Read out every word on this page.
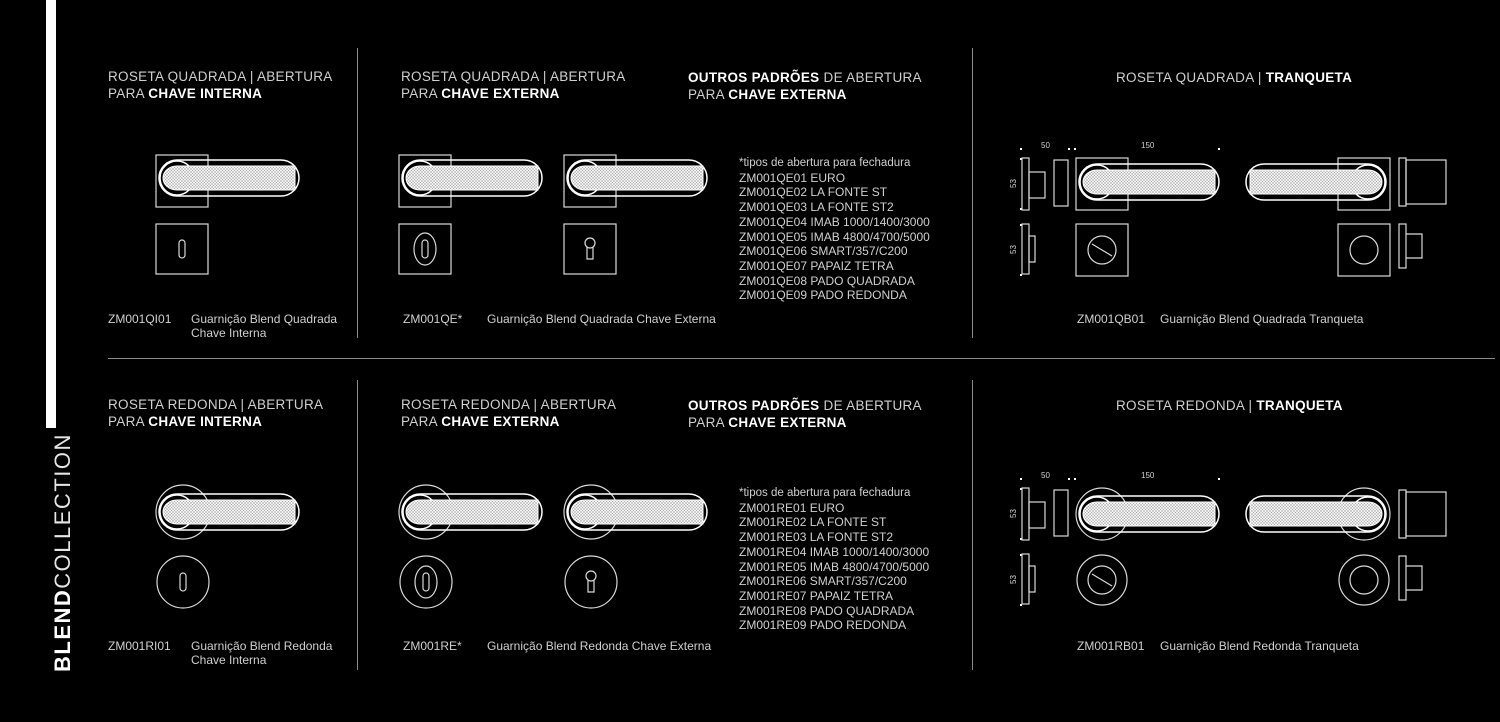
BLENDCOLLECTION
ROSETA QUADRADA | ABERTURA
PARA CHAVE INTERNA
ROSETA QUADRADA | ABERTURA
PARA CHAVE EXTERNA
OUTROS PADRÕES DE ABERTURA
PARA CHAVE EXTERNA
ROSETA QUADRADA | TRANQUETA
*tipos de abertura para fechadura
ZM001QE01 EURO
ZM001QE02 LA FONTE ST
ZM001QE03 LA FONTE ST2
ZM001QE04 IMAB 1000/1400/3000
ZM001QE05 IMAB 4800/4700/5000
ZM001QE06 SMART/357/C200
ZM001QE07 PAPAIZ TETRA
ZM001QE08 PADO QUADRADA
ZM001QE09 PADO REDONDA
50	150
53
53
ZM001QI01 Guarnição Blend Quadrada
Chave Interna
ZM001QE* Guarnição Blend Quadrada Chave Externa	ZM001QB01 Guarnição Blend Quadrada Tranqueta
ROSETA REDONDA | ABERTURA
PARA CHAVE INTERNA
ROSETA REDONDA | ABERTURA
PARA CHAVE EXTERNA
OUTROS PADRÕES DE ABERTURA
PARA CHAVE EXTERNA
ROSETA REDONDA | TRANQUETA
*tipos de abertura para fechadura
ZM001RE01 EURO
ZM001RE02 LA FONTE ST
ZM001RE03 LA FONTE ST2
ZM001RE04 IMAB 1000/1400/3000
ZM001RE05 IMAB 4800/4700/5000
ZM001RE06 SMART/357/C200
ZM001RE07 PAPAIZ TETRA
ZM001RE08 PADO QUADRADA
ZM001RE09 PADO REDONDA
50	150
53
53
ZM001RI01 Guarnição Blend Redonda
Chave Interna
ZM001RE* Guarnição Blend Redonda Chave Externa	ZM001RB01 Guarnição Blend Redonda Tranqueta
